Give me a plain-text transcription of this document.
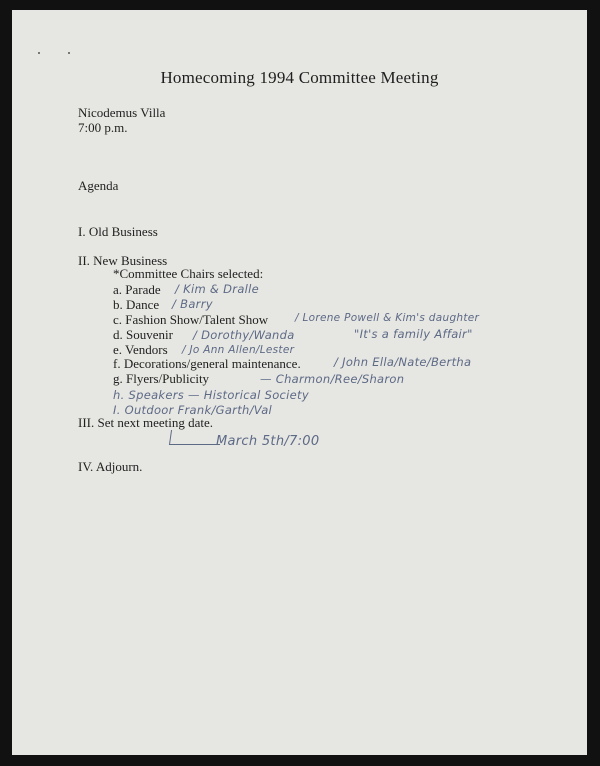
Homecoming 1994 Committee Meeting
Nicodemus Villa
7:00 p.m.
Agenda
I. Old Business
II. New Business
*Committee Chairs selected:
a. Parade / Kim & Dralle
b. Dance / Barry
c. Fashion Show/Talent Show	/ Lorene Powell & Kim's daughter
d. Souvenir / Dorothy/Wanda	"It's a family Affair"
e. Vendors / Jo Ann Allen/Lester
f. Decorations/general maintenance.	/ John Ella/Nate/Bertha
g. Flyers/Publicity	— Charmon/Ree/Sharon
h. Speakers — Historical Society
I. Outdoor Frank/Garth/Val
III. Set next meeting date.
March 5th/7:00
IV. Adjourn.
